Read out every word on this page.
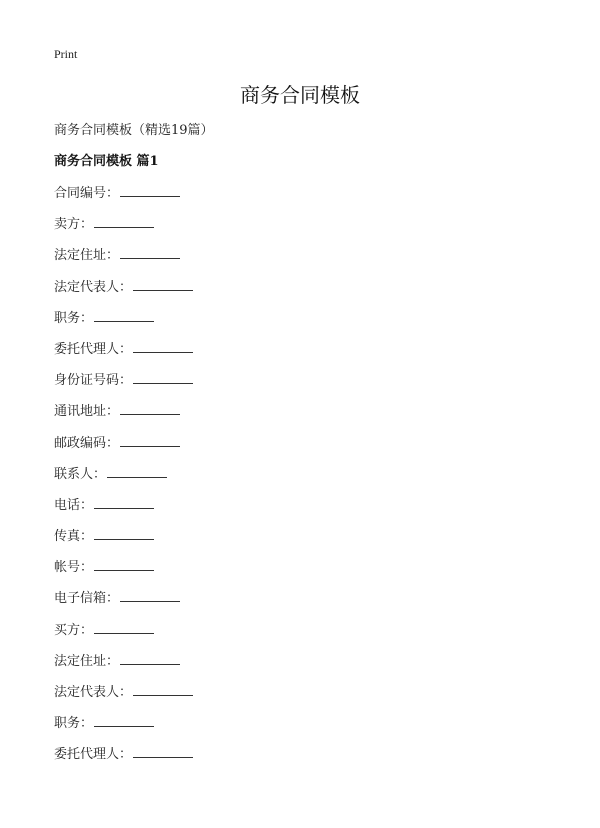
Print
商务合同模板
商务合同模板（精选19篇）
商务合同模板 篇1
合同编号：
卖方：
法定住址：
法定代表人：
职务：
委托代理人：
身份证号码：
通讯地址：
邮政编码：
联系人：
电话：
传真：
帐号：
电子信箱：
买方：
法定住址：
法定代表人：
职务：
委托代理人：
